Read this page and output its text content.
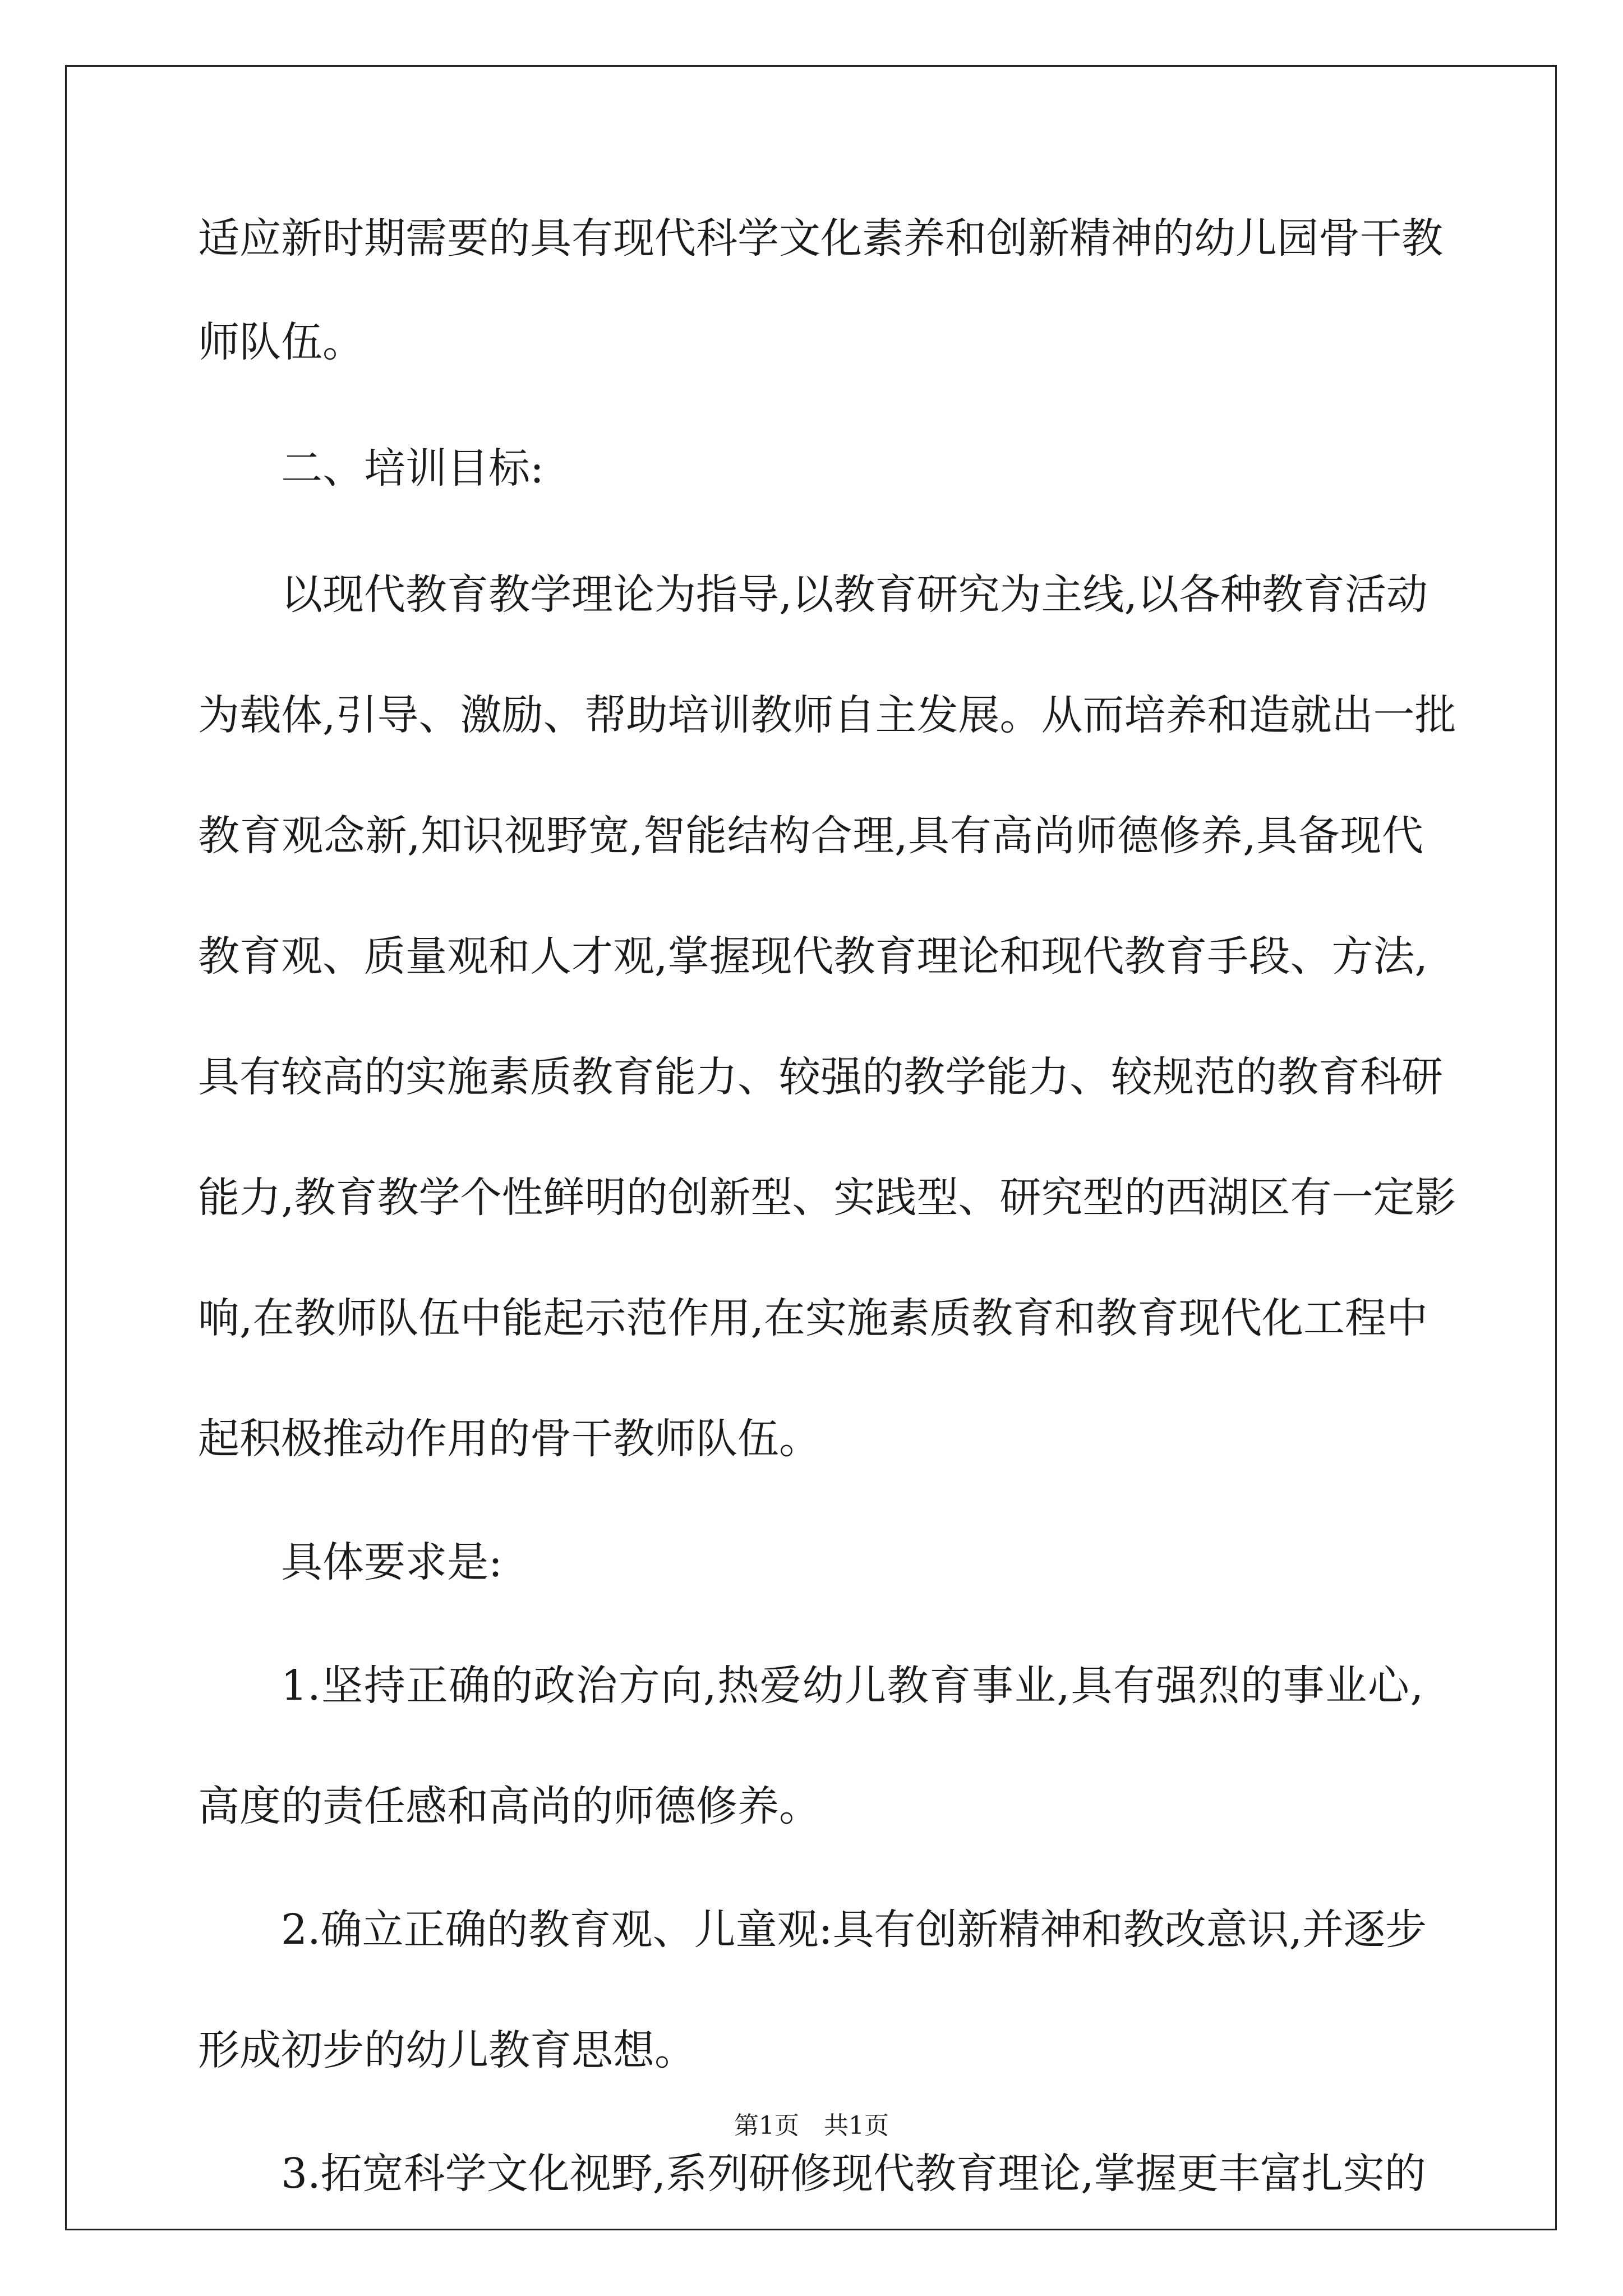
适应新时期需要的具有现代科学文化素养和创新精神的幼儿园骨干教
师队伍。
二、培训目标:
以现代教育教学理论为指导,以教育研究为主线,以各种教育活动
为载体,引导、激励、帮助培训教师自主发展。从而培养和造就出一批
教育观念新,知识视野宽,智能结构合理,具有高尚师德修养,具备现代
教育观、质量观和人才观,掌握现代教育理论和现代教育手段、方法,
具有较高的实施素质教育能力、较强的教学能力、较规范的教育科研
能力,教育教学个性鲜明的创新型、实践型、研究型的西湖区有一定影
响,在教师队伍中能起示范作用,在实施素质教育和教育现代化工程中
起积极推动作用的骨干教师队伍。
具体要求是:
1.坚持正确的政治方向,热爱幼儿教育事业,具有强烈的事业心,
高度的责任感和高尚的师德修养。
2.确立正确的教育观、儿童观:具有创新精神和教改意识,并逐步
形成初步的幼儿教育思想。
3.拓宽科学文化视野,系列研修现代教育理论,掌握更丰富扎实的
第1页　共1页
